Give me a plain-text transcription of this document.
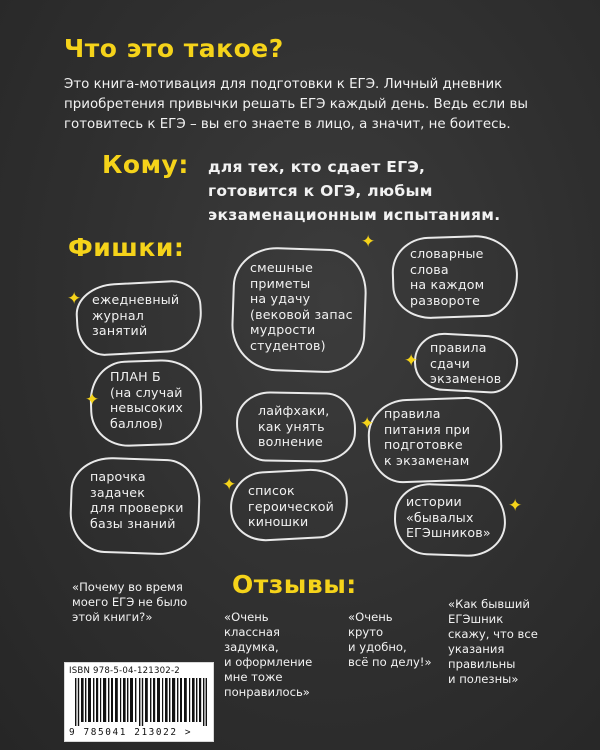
Что это такое?
Это книга-мотивация для подготовки к ЕГЭ. Личный дневник
приобретения привычки решать ЕГЭ каждый день. Ведь если вы
готовитесь к ЕГЭ – вы его знаете в лицо, а значит, не боитесь.
Кому: для тех, кто сдает ЕГЭ,
готовится к ОГЭ, любым
экзаменационным испытаниям.
Фишки:
ежедневный
журнал
занятий
смешные
приметы
на удачу
(вековой запас
мудрости
студентов)
словарные
слова
на каждом
развороте
правила
сдачи
экзаменов
ПЛАН Б
(на случай
невысоких
баллов)
лайфхаки,
как унять
волнение
правила
питания при
подготовке
к экзаменам
парочка
задачек
для проверки
базы знаний
список
героической
киношки
истории
«бывалых
ЕГЭшников»
✦
✦
✦
✦
✦
✦
✦
Отзывы:
«Почему во время
моего ЕГЭ не было
этой книги?»	«Очень
классная
задумка,
и оформление
мне тоже
понравилось»
«Очень
круто
и удобно,
всё по делу!»
«Как бывший
ЕГЭшник
скажу, что все
указания
правильны
и полезны»
ISBN 978-5-04-121302-2
9 785041 213022 >
